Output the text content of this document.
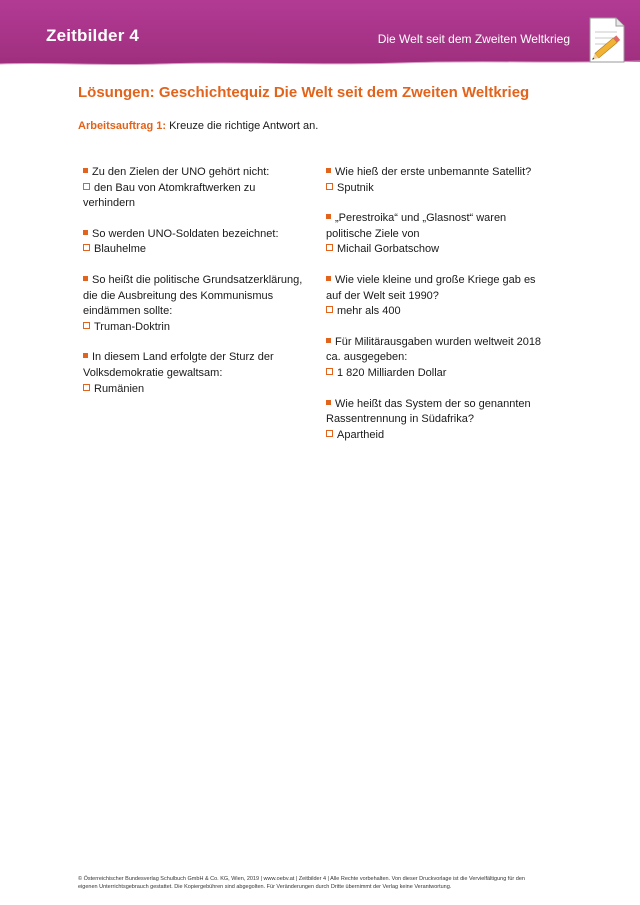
Zeitbilder 4	Die Welt seit dem Zweiten Weltkrieg
Lösungen: Geschichtequiz Die Welt seit dem Zweiten Weltkrieg
Arbeitsauftrag 1: Kreuze die richtige Antwort an.
Zu den Zielen der UNO gehört nicht:
den Bau von Atomkraftwerken zu verhindern
So werden UNO-Soldaten bezeichnet:
Blauhelme
So heißt die politische Grundsatzerklärung, die die Ausbreitung des Kommunismus eindämmen sollte:
Truman-Doktrin
In diesem Land erfolgte der Sturz der Volksdemokratie gewaltsam:
Rumänien
Wie hieß der erste unbemannte Satellit?
Sputnik
„Perestroika“ und „Glasnost“ waren politische Ziele von
Michail Gorbatschow
Wie viele kleine und große Kriege gab es auf der Welt seit 1990?
mehr als 400
Für Militärausgaben wurden weltweit 2018 ca. ausgegeben:
1 820 Milliarden Dollar
Wie heißt das System der so genannten Rassentrennung in Südafrika?
Apartheid
© Österreichischer Bundesverlag Schulbuch GmbH & Co. KG, Wien, 2019 | www.oebv.at | Zeitbilder 4 | Alle Rechte vorbehalten. Von dieser Druckvorlage ist die Vervielfältigung für den
eigenen Unterrichtsgebrauch gestattet. Die Kopiergebühren sind abgegolten. Für Veränderungen durch Dritte übernimmt der Verlag keine Verantwortung.
